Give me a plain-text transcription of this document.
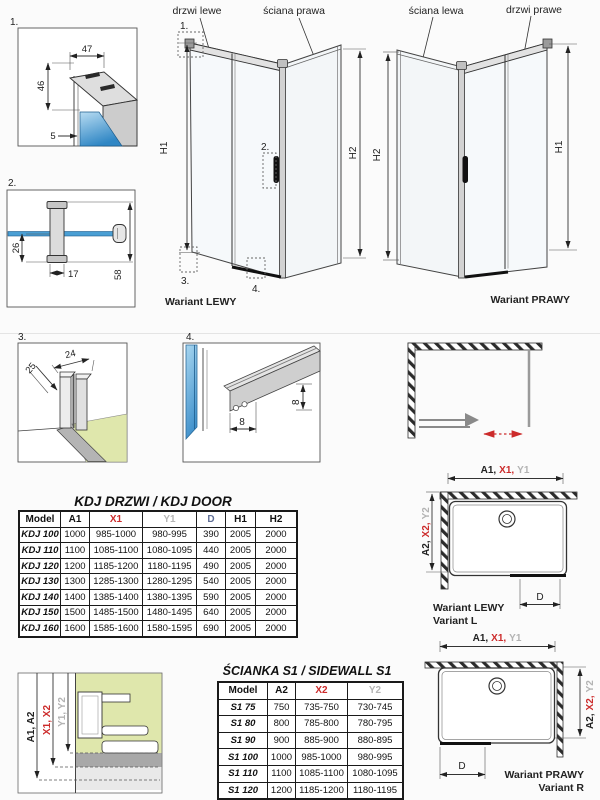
1.
47
46
5
2.
26
17	58
drzwi lewe	ściana prawa
H1	H2
1.
2.
3.
4.
Wariant LEWY
ściana lewa	drzwi prawe
H2
H1
Wariant PRAWY
3.
24
25
4.
8
8
A1, X1, Y1
A2,X2,Y2
D
Wariant LEWY
Variant L
A1, X1, Y1
A2,X2,Y2
D
Wariant PRAWY
Variant R
A1, A2 X1, X2 Y1, Y2
KDJ DRZWI / KDJ DOOR
Model	A1	X1	Y1	D	H1	H2
KDJ 100	1000	985-1000	980-995	390	2005	2000
KDJ 110	1100	1085-1100	1080-1095	440	2005	2000
KDJ 120	1200	1185-1200	1180-1195	490	2005	2000
KDJ 130	1300	1285-1300	1280-1295	540	2005	2000
KDJ 140	1400	1385-1400	1380-1395	590	2005	2000
KDJ 150	1500	1485-1500	1480-1495	640	2005	2000
KDJ 160	1600	1585-1600	1580-1595	690	2005	2000
ŚCIANKA S1 / SIDEWALL S1
Model	A2	X2	Y2
S1 75	750	735-750	730-745
S1 80	800	785-800	780-795
S1 90	900	885-900	880-895
S1 100	1000	985-1000	980-995
S1 110	1100	1085-1100	1080-1095
S1 120	1200	1185-1200	1180-1195
